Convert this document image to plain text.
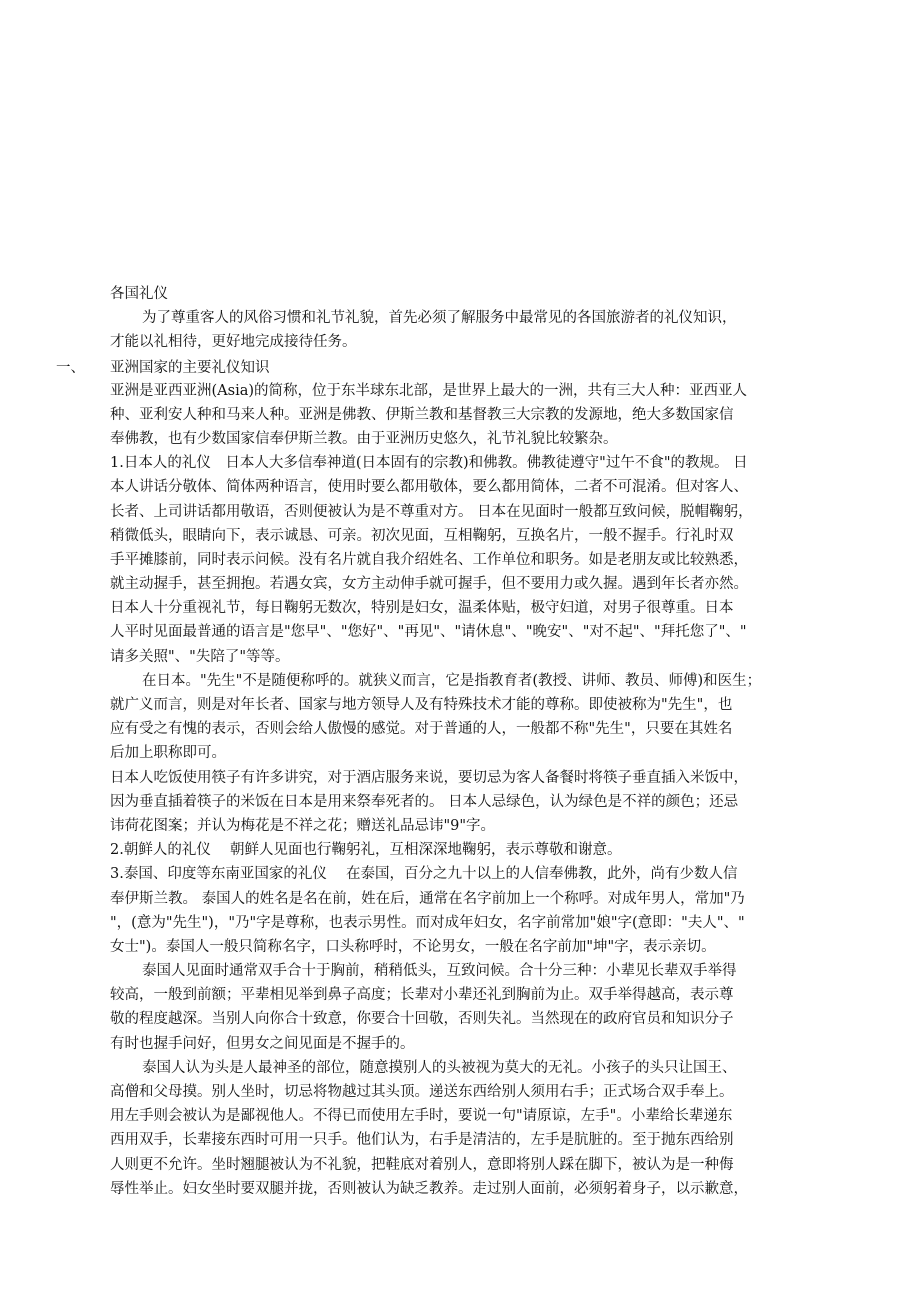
各国礼仪
一、 亚洲国家的主要礼仪知识
为了尊重客人的风俗习惯和礼节礼貌，首先必须了解服务中最常见的各国旅游者的礼仪知识，
才能以礼相待，更好地完成接待任务。
亚洲是亚西亚洲(Asia)的简称，位于东半球东北部，是世界上最大的一洲，共有三大人种：亚西亚人
种、亚利安人种和马来人种。亚洲是佛教、伊斯兰教和基督教三大宗教的发源地，绝大多数国家信
奉佛教，也有少数国家信奉伊斯兰教。由于亚洲历史悠久，礼节礼貌比较繁杂。
1.日本人的礼仪　日本人大多信奉神道(日本固有的宗教)和佛教。佛教徒遵守"过午不食"的教规。 日
本人讲话分敬体、简体两种语言，使用时要么都用敬体，要么都用简体，二者不可混淆。但对客人、
长者、上司讲话都用敬语，否则便被认为是不尊重对方。 日本在见面时一般都互致问候，脱帽鞠躬，
稍微低头，眼睛向下，表示诚恳、可亲。初次见面，互相鞠躬，互换名片，一般不握手。行礼时双
手平摊膝前，同时表示问候。没有名片就自我介绍姓名、工作单位和职务。如是老朋友或比较熟悉，
就主动握手，甚至拥抱。若遇女宾，女方主动伸手就可握手，但不要用力或久握。遇到年长者亦然。
日本人十分重视礼节，每日鞠躬无数次，特别是妇女，温柔体贴，极守妇道，对男子很尊重。日本
人平时见面最普通的语言是"您早"、"您好"、"再见"、"请休息"、"晚安"、"对不起"、"拜托您了"、"
请多关照"、"失陪了"等等。
在日本。"先生"不是随便称呼的。就狭义而言，它是指教育者(教授、讲师、教员、师傅)和医生；
就广义而言，则是对年长者、国家与地方领导人及有特殊技术才能的尊称。即使被称为"先生"，也
应有受之有愧的表示，否则会给人傲慢的感觉。对于普通的人，一般都不称"先生"，只要在其姓名
后加上职称即可。
日本人吃饭使用筷子有许多讲究，对于酒店服务来说，要切忌为客人备餐时将筷子垂直插入米饭中，
因为垂直插着筷子的米饭在日本是用来祭奉死者的。 日本人忌绿色，认为绿色是不祥的颜色；还忌
讳荷花图案；并认为梅花是不祥之花；赠送礼品忌讳"9"字。
2.朝鲜人的礼仪　 朝鲜人见面也行鞠躬礼，互相深深地鞠躬，表示尊敬和谢意。
3.泰国、印度等东南亚国家的礼仪　 在泰国，百分之九十以上的人信奉佛教，此外，尚有少数人信
奉伊斯兰教。 泰国人的姓名是名在前，姓在后，通常在名字前加上一个称呼。对成年男人，常加"乃
"，(意为"先生")，"乃"字是尊称，也表示男性。而对成年妇女，名字前常加"娘"字(意即："夫人"、"
女士")。泰国人一般只简称名字，口头称呼时，不论男女，一般在名字前加"坤"字，表示亲切。
泰国人见面时通常双手合十于胸前，稍稍低头，互致问候。合十分三种：小辈见长辈双手举得
较高，一般到前额；平辈相见举到鼻子高度；长辈对小辈还礼到胸前为止。双手举得越高，表示尊
敬的程度越深。当别人向你合十致意，你要合十回敬，否则失礼。当然现在的政府官员和知识分子
有时也握手问好，但男女之间见面是不握手的。
泰国人认为头是人最神圣的部位，随意摸别人的头被视为莫大的无礼。小孩子的头只让国王、
高僧和父母摸。别人坐时，切忌将物越过其头顶。递送东西给别人须用右手；正式场合双手奉上。
用左手则会被认为是鄙视他人。不得已而使用左手时，要说一句"请原谅，左手"。小辈给长辈递东
西用双手，长辈接东西时可用一只手。他们认为，右手是清洁的，左手是肮脏的。至于抛东西给别
人则更不允许。坐时翘腿被认为不礼貌，把鞋底对着别人，意即将别人踩在脚下，被认为是一种侮
辱性举止。妇女坐时要双腿并拢，否则被认为缺乏教养。走过别人面前，必须躬着身子，以示歉意，
